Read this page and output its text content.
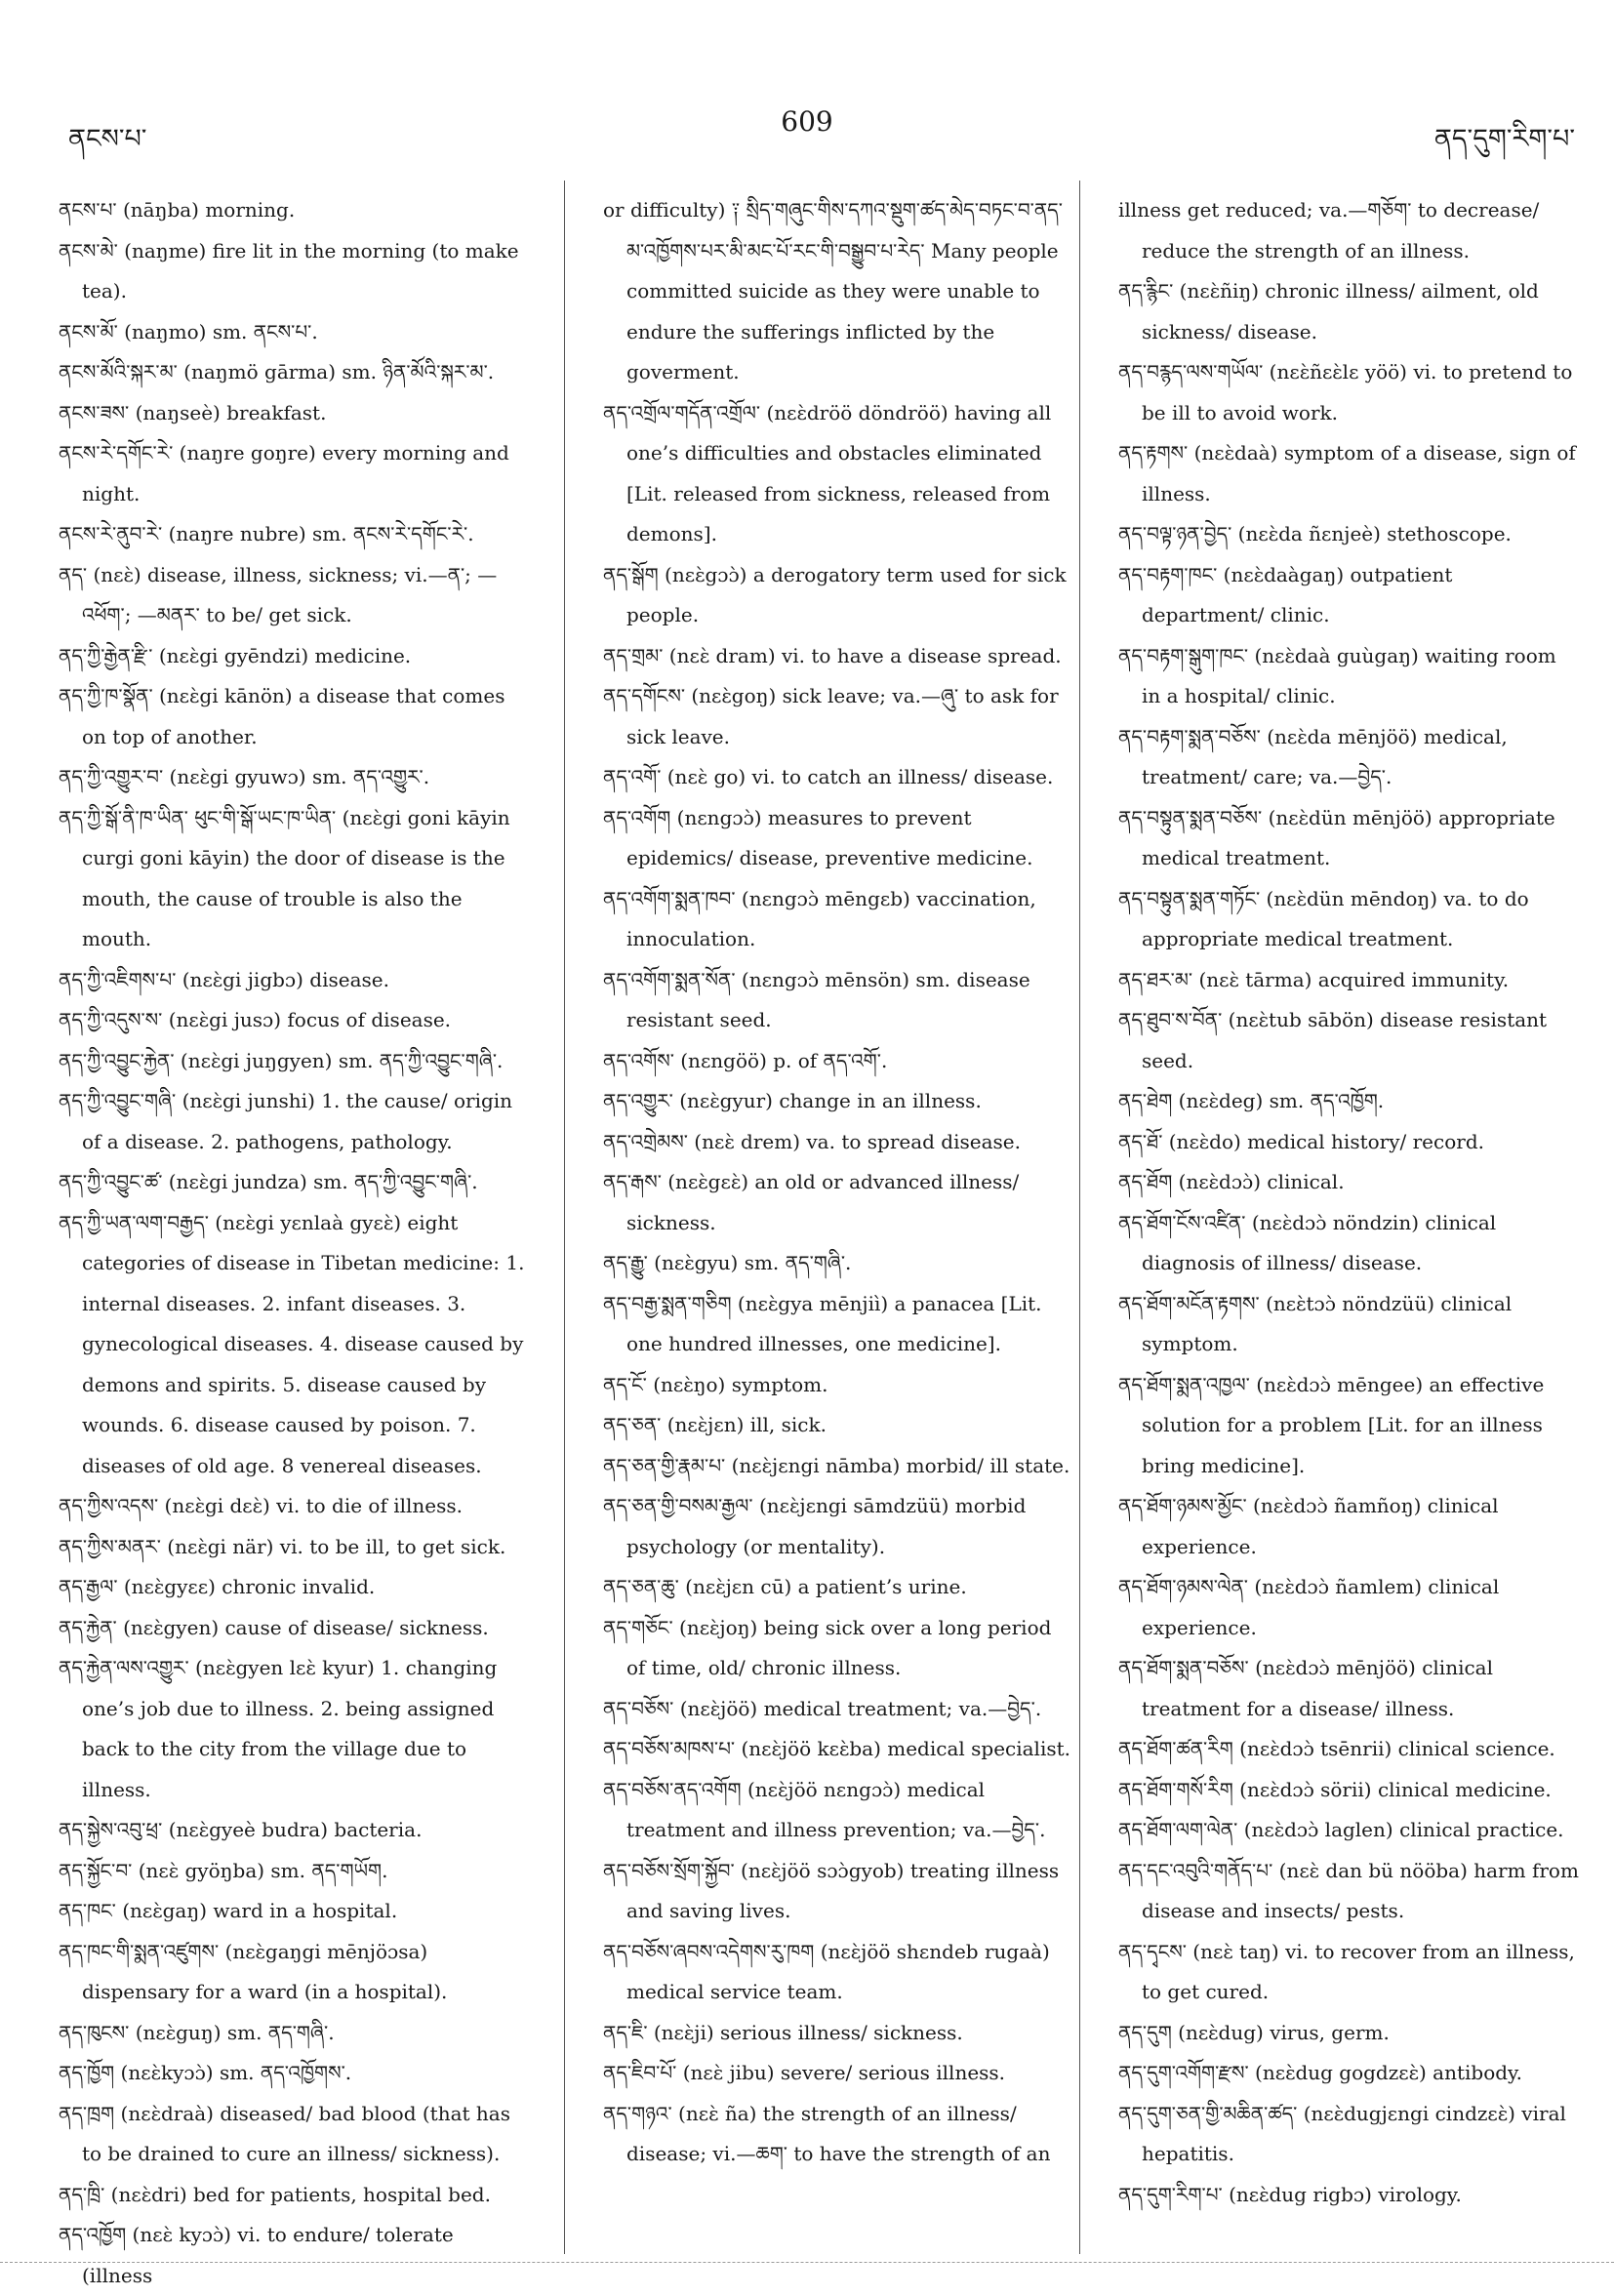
ནངས་པ་
609
ནད་དུག་རིག་པ་

ནངས་པ་ (nāŋba) morning.

ནངས་མེ་ (naŋme) fire lit in the morning (to make tea).

ནངས་མོ་ (naŋmo) sm. ནངས་པ་.

ནངས་མོའི་སྐར་མ་ (naŋmö gārma) sm. ཉིན་མོའི་སྐར་མ་.

ནངས་ཟས་ (naŋseè) breakfast.

ནངས་རེ་དགོང་རེ་ (naŋre goŋre) every morning and night.

ནངས་རེ་ནུབ་རེ་ (naŋre nubre) sm. ནངས་རེ་དགོང་རེ་.

ནད་ (nɛɛ̀) disease, illness, sickness; vi.—ན་; —འཕོག་; —མནར་ to be/ get sick.

ནད་ཀྱི་རྒྱེན་རྫི་ (nɛɛ̀gi gyēndzi) medicine.

ནད་ཀྱི་ཁ་སྣོན་ (nɛɛ̀gi kānön) a disease that comes on top of another.

ནད་ཀྱི་འགྱུར་བ་ (nɛɛ̀gi gyuwɔ) sm. ནད་འགྱུར་.

ནད་ཀྱི་སྒོ་ནི་ཁ་ཡིན་ ཕུང་གི་སྒོ་ཡང་ཁ་ཡིན་ (nɛɛ̀gi goni kāyin curgi goni kāyin) the door of disease is the mouth, the cause of trouble is also the mouth.

ནད་ཀྱི་འཇིགས་པ་ (nɛɛ̀gi jigbɔ) disease.

ནད་ཀྱི་འདུས་ས་ (nɛɛ̀gi jusɔ) focus of disease.

ནད་ཀྱི་འབྱུང་རྐྱེན་ (nɛɛ̀gi juŋgyen) sm. ནད་ཀྱི་འབྱུང་གཞི་.

ནད་ཀྱི་འབྱུང་གཞི་ (nɛɛ̀gi junshi) 1. the cause/ origin of a disease. 2. pathogens, pathology.

ནད་ཀྱི་འབྱུང་ཚ་ (nɛɛ̀gi jundza) sm. ནད་ཀྱི་འབྱུང་གཞི་.

ནད་ཀྱི་ཡན་ལག་བརྒྱད་ (nɛɛ̀gi yɛnlaà gyɛɛ̀) eight categories of disease in Tibetan medicine: 1. internal diseases. 2. infant diseases. 3. gynecological diseases. 4. disease caused by demons and spirits. 5. disease caused by wounds. 6. disease caused by poison. 7. diseases of old age. 8 venereal diseases.

ནད་ཀྱིས་འདས་ (nɛɛ̀gi dɛɛ̀) vi. to die of illness.

ནད་ཀྱིས་མནར་ (nɛɛ̀gi när) vi. to be ill, to get sick.

ནད་རྒྱལ་ (nɛɛ̀gyɛɛ) chronic invalid.

ནད་རྐྱེན་ (nɛɛ̀gyen) cause of disease/ sickness.

ནད་རྐྱེན་ལས་འགྱུར་ (nɛɛ̀gyen lɛɛ̀ kyur) 1. changing one’s job due to illness. 2. being assigned back to the city from the village due to illness.

ནད་སྐྱེས་འབུ་ཕྲ་ (nɛɛ̀gyeè budra) bacteria.

ནད་སྐྱོང་བ་ (nɛɛ̀ gyöŋba) sm. ནད་གཡོག.

ནད་ཁང་ (nɛɛ̀gaŋ) ward in a hospital.

ནད་ཁང་གི་སྨན་འཛུགས་ (nɛɛ̀gaŋgi mēnjöɔsa) dispensary for a ward (in a hospital).

ནད་ཁུངས་ (nɛɛ̀guŋ) sm. ནད་གཞི་.

ནད་ཁྱོག (nɛɛ̀kyɔɔ̀) sm. ནད་འཁྱོགས་.

ནད་ཁྲག (nɛɛ̀draà) diseased/ bad blood (that has to be drained to cure an illness/ sickness).

ནད་ཁྲི་ (nɛɛ̀dri) bed for patients, hospital bed.

ནད་འཁྱོག (nɛɛ̀ kyɔɔ̀) vi. to endure/ tolerate (illness

or difficulty) ༑ སྲིད་གཞུང་གིས་དཀའ་སྡུག་ཚད་མེད་བཏང་བ་ནད་མ་འཁྱོགས་པར་མི་མང་པོ་རང་གི་བསྒྱུབ་པ་རེད་ Many people committed suicide as they were unable to endure the sufferings inflicted by the goverment.

ནད་འགྲོལ་གདོན་འགྲོལ་ (nɛɛ̀dröö döndröö) having all one’s difficulties and obstacles eliminated [Lit. released from sickness, released from demons].

ནད་སྒོག (nɛɛ̀gɔɔ̀) a derogatory term used for sick people.

ནད་གྲམ་ (nɛɛ̀ dram) vi. to have a disease spread.

ནད་དགོངས་ (nɛɛ̀goŋ) sick leave; va.—ཞུ་ to ask for sick leave.

ནད་འགོ་ (nɛɛ̀ go) vi. to catch an illness/ disease.

ནད་འགོག (nɛngɔɔ̀) measures to prevent epidemics/ disease, preventive medicine.

ནད་འགོག་སྨན་ཁབ་ (nɛngɔɔ̀ mēngɛb) vaccination, innoculation.

ནད་འགོག་སྨན་སོན་ (nɛngɔɔ̀ mēnsön) sm. disease resistant seed.

ནད་འགོས་ (nɛngöö) p. of ནད་འགོ་.

ནད་འགྱུར་ (nɛɛ̀gyur) change in an illness.

ནད་འགྲེམས་ (nɛɛ̀ drem) va. to spread disease.

ནད་རྒས་ (nɛɛ̀gɛɛ̀) an old or advanced illness/ sickness.

ནད་རྒྱུ་ (nɛɛ̀gyu) sm. ནད་གཞི་.

ནད་བརྒྱ་སྨན་གཅིག (nɛɛ̀gya mēnjiì) a panacea [Lit. one hundred illnesses, one medicine].

ནད་ངོ་ (nɛɛ̀ŋo) symptom.

ནད་ཅན་ (nɛɛ̀jɛn) ill, sick.

ནད་ཅན་གྱི་རྣམ་པ་ (nɛɛ̀jɛngi nāmba) morbid/ ill state.

ནད་ཅན་གྱི་བསམ་རྒྱལ་ (nɛɛ̀jɛngi sāmdzüü) morbid psychology (or mentality).

ནད་ཅན་ཆུ་ (nɛɛ̀jɛn cū) a patient’s urine.

ནད་གཅོང་ (nɛɛ̀joŋ) being sick over a long period of time, old/ chronic illness.

ནད་བཅོས་ (nɛɛ̀jöö) medical treatment; va.—བྱེད་.

ནད་བཅོས་མཁས་པ་ (nɛɛ̀jöö kɛɛ̀ba) medical specialist.

ནད་བཅོས་ནད་འགོག (nɛɛ̀jöö nɛngɔɔ̀) medical treatment and illness prevention; va.—བྱེད་.

ནད་བཅོས་སྲོག་སྐྱོབ་ (nɛɛ̀jöö sɔɔ̀gyob) treating illness and saving lives.

ནད་བཅོས་ཞབས་འདེགས་རུ་ཁག (nɛɛ̀jöö shɛndeb rugaà) medical service team.

ནད་ཇི་ (nɛɛ̀ji) serious illness/ sickness.

ནད་ཇིབ་པོ་ (nɛɛ̀ jibu) severe/ serious illness.

ནད་གཉའ་ (nɛɛ̀ ña) the strength of an illness/ disease; vi.—ཆག་ to have the strength of an

illness get reduced; va.—གཅོག་ to decrease/ reduce the strength of an illness.

ནད་རྙིང་ (nɛɛ̀ñiŋ) chronic illness/ ailment, old sickness/ disease.

ནད་བརྙད་ལས་གཡོལ་ (nɛɛ̀ñɛɛ̀lɛ yöö) vi. to pretend to be ill to avoid work.

ནད་རྟགས་ (nɛɛ̀daà) symptom of a disease, sign of illness.

ནད་བལྟ་ཉན་བྱེད་ (nɛɛ̀da ñɛnjeè) stethoscope.

ནད་བརྟག་ཁང་ (nɛɛ̀daàgaŋ) outpatient department/ clinic.

ནད་བརྟག་སྒུག་ཁང་ (nɛɛ̀daà guùgaŋ) waiting room in a hospital/ clinic.

ནད་བརྟག་སྨན་བཅོས་ (nɛɛ̀da mēnjöö) medical, treatment/ care; va.—བྱེད་.

ནད་བསྟུན་སྨན་བཅོས་ (nɛɛ̀dün mēnjöö) appropriate medical treatment.

ནད་བསྟུན་སྨན་གཏོང་ (nɛɛ̀dün mēndoŋ) va. to do appropriate medical treatment.

ནད་ཐར་མ་ (nɛɛ̀ tārma) acquired immunity.

ནད་ཐུབ་ས་བོན་ (nɛɛ̀tub sābön) disease resistant seed.

ནད་ཐེག (nɛɛ̀deg) sm. ནད་འཁྱོག.

ནད་ཐོ་ (nɛɛ̀do) medical history/ record.

ནད་ཐོག (nɛɛ̀dɔɔ̀) clinical.

ནད་ཐོག་ངོས་འཛིན་ (nɛɛ̀dɔɔ̀ nöndzin) clinical diagnosis of illness/ disease.

ནད་ཐོག་མངོན་རྟགས་ (nɛɛ̀tɔɔ̀ nöndzüü) clinical symptom.

ནད་ཐོག་སྨན་འཁྱལ་ (nɛɛ̀dɔɔ̀ mēngee) an effective solution for a problem [Lit. for an illness bring medicine].

ནད་ཐོག་ཉམས་མྱོང་ (nɛɛ̀dɔɔ̀ ñamñoŋ) clinical experience.

ནད་ཐོག་ཉམས་ལེན་ (nɛɛ̀dɔɔ̀ ñamlem) clinical experience.

ནད་ཐོག་སྨན་བཅོས་ (nɛɛ̀dɔɔ̀ mēnjöö) clinical treatment for a disease/ illness.

ནད་ཐོག་ཚན་རིག (nɛɛ̀dɔɔ̀ tsēnrii) clinical science.

ནད་ཐོག་གསོ་རིག (nɛɛ̀dɔɔ̀ sörii) clinical medicine.

ནད་ཐོག་ལག་ལེན་ (nɛɛ̀dɔɔ̀ laglen) clinical practice.

ནད་དང་འབུའི་གནོད་པ་ (nɛɛ̀ dan bü nööba) harm from disease and insects/ pests.

ནད་དྭངས་ (nɛɛ̀ taŋ) vi. to recover from an illness, to get cured.

ནད་དུག (nɛɛ̀dug) virus, germ.

ནད་དུག་འགོག་རྫས་ (nɛɛ̀dug gogdzɛɛ̀) antibody.

ནད་དུག་ཅན་གྱི་མཆིན་ཚད་ (nɛɛ̀dugjɛngi cindzɛɛ̀) viral hepatitis.

ནད་དུག་རིག་པ་ (nɛɛ̀dug rigbɔ) virology.
